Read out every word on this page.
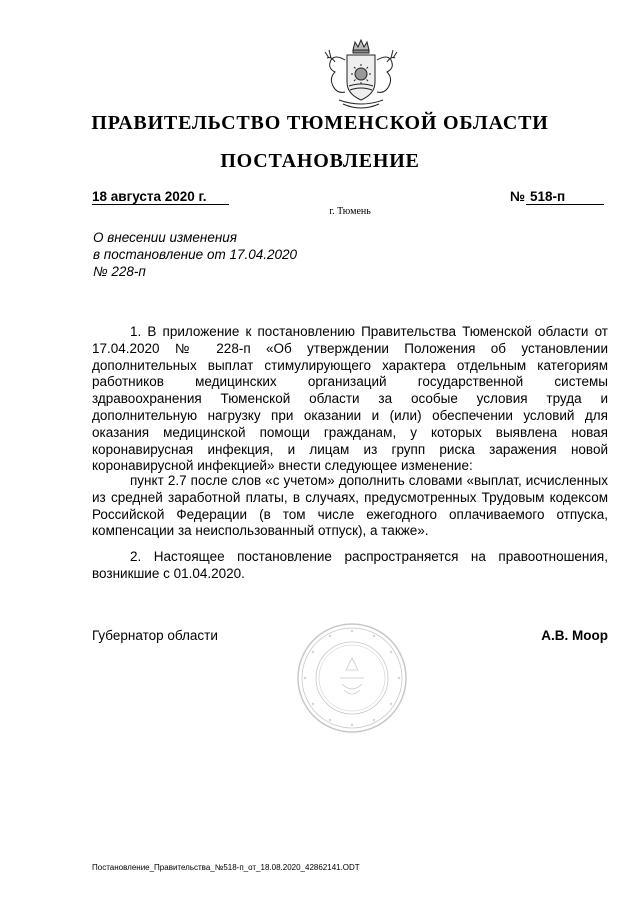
ПРАВИТЕЛЬСТВО ТЮМЕНСКОЙ ОБЛАСТИ
ПОСТАНОВЛЕНИЕ
18 августа 2020 г.	№ 518-п
г. Тюмень
О внесении изменения
в постановление от 17.04.2020
№ 228-п

1. В приложение к постановлению Правительства Тюменской области от 17.04.2020 № 228-п «Об утверждении Положения об установлении дополнительных выплат стимулирующего характера отдельным категориям работников медицинских организаций государственной системы здравоохранения Тюменской области за особые условия труда и дополнительную нагрузку при оказании и (или) обеспечении условий для оказания медицинской помощи гражданам, у которых выявлена новая коронавирусная инфекция, и лицам из групп риска заражения новой коронавирусной инфекцией» внести следующее изменение:

пункт 2.7 после слов «с учетом» дополнить словами «выплат, исчисленных из средней заработной платы, в случаях, предусмотренных Трудовым кодексом Российской Федерации (в том числе ежегодного оплачиваемого отпуска, компенсации за неиспользованный отпуск), а также».

2. Настоящее постановление распространяется на правоотношения, возникшие с 01.04.2020.

Губернатор области	А.В. Моор
Постановление_Правительства_№518-п_от_18.08.2020_42862141.ODT
